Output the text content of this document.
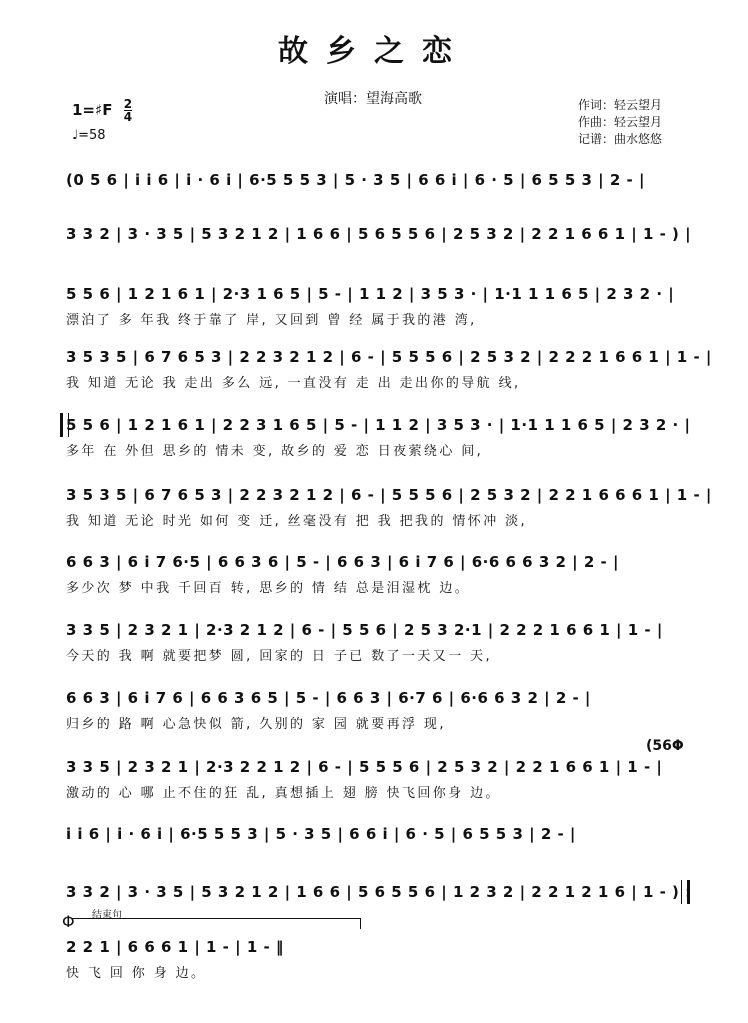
故乡之恋
演唱：望海高歌	作词：轻云望月
作曲：轻云望月
记谱：曲水悠悠
1=♯F $\frac{2}{4}$
♩=58
(0 5 6 | i i 6 | i · 6 i | 6·5 5 5 3 | 5 · 3 5 | 6 6 i | 6 · 5 | 6 5 5 3 | 2 - |
3 3 2 | 3 · 3 5 | 5 3 2 1 2 | 1 6 6 | 5 6 5 5 6 | 2 5 3 2 | 2 2 1 6 6 1 | 1 - ) |
5 5 6 | 1 2 1 6 1 | 2·3 1 6 5 | 5 - | 1 1 2 | 3 5 3 · | 1·1 1 1 6 5 | 2 3 2 · |
漂泊了 多 年我 终于靠了 岸, 又回到 曾 经 属于我的港 湾,
3 5 3 5 | 6 7 6 5 3 | 2 2 3 2 1 2 | 6 - | 5 5 5 6 | 2 5 3 2 | 2 2 2 1 6 6 1 | 1 - |
我 知道 无论 我 走出 多么 远, 一直没有 走 出 走出你的导航 线,
5 5 6 | 1 2 1 6 1 | 2 2 3 1 6 5 | 5 - | 1 1 2 | 3 5 3 · | 1·1 1 1 6 5 | 2 3 2 · |
多年 在 外但 思乡的 情未 变, 故乡的 爱 恋 日夜萦绕心 间,
3 5 3 5 | 6 7 6 5 3 | 2 2 3 2 1 2 | 6 - | 5 5 5 6 | 2 5 3 2 | 2 2 1 6 6 6 1 | 1 - |
我 知道 无论 时光 如何 变 迁, 丝毫没有 把 我 把我的 情怀冲 淡,
6 6 3 | 6 i 7 6·5 | 6 6 3 6 | 5 - | 6 6 3 | 6 i 7 6 | 6·6 6 6 3 2 | 2 - |
多少次 梦 中我 千回百 转, 思乡的 情 结 总是泪湿枕 边。
3 3 5 | 2 3 2 1 | 2·3 2 1 2 | 6 - | 5 5 6 | 2 5 3 2·1 | 2 2 2 1 6 6 1 | 1 - |
今天的 我 啊 就要把梦 圆, 回家的 日 子已 数了一天又一 天,
6 6 3 | 6 i 7 6 | 6 6 3 6 5 | 5 - | 6 6 3 | 6·7 6 | 6·6 6 3 2 | 2 - |
归乡的 路 啊 心急快似 箭, 久别的 家 园 就要再浮 现,
3 3 5 | 2 3 2 1 | 2·3 2 2 1 2 | 6 - | 5 5 5 6 | 2 5 3 2 | 2 2 1 6 6 1 | 1 - |
激动的 心 哪 止不住的狂 乱, 真想插上 翅 膀 快飞回你身 边。
i i 6 | i · 6 i | 6·5 5 5 3 | 5 · 3 5 | 6 6 i | 6 · 5 | 6 5 5 3 | 2 - |
3 3 2 | 3 · 3 5 | 5 3 2 1 2 | 1 6 6 | 5 6 5 5 6 | 1 2 3 2 | 2 2 1 2 1 6 | 1 - ) :
2 2 1 | 6 6 6 1 | 1 - | 1 - ‖
快 飞 回 你 身 边。
(56Φ
Φ 结束句
